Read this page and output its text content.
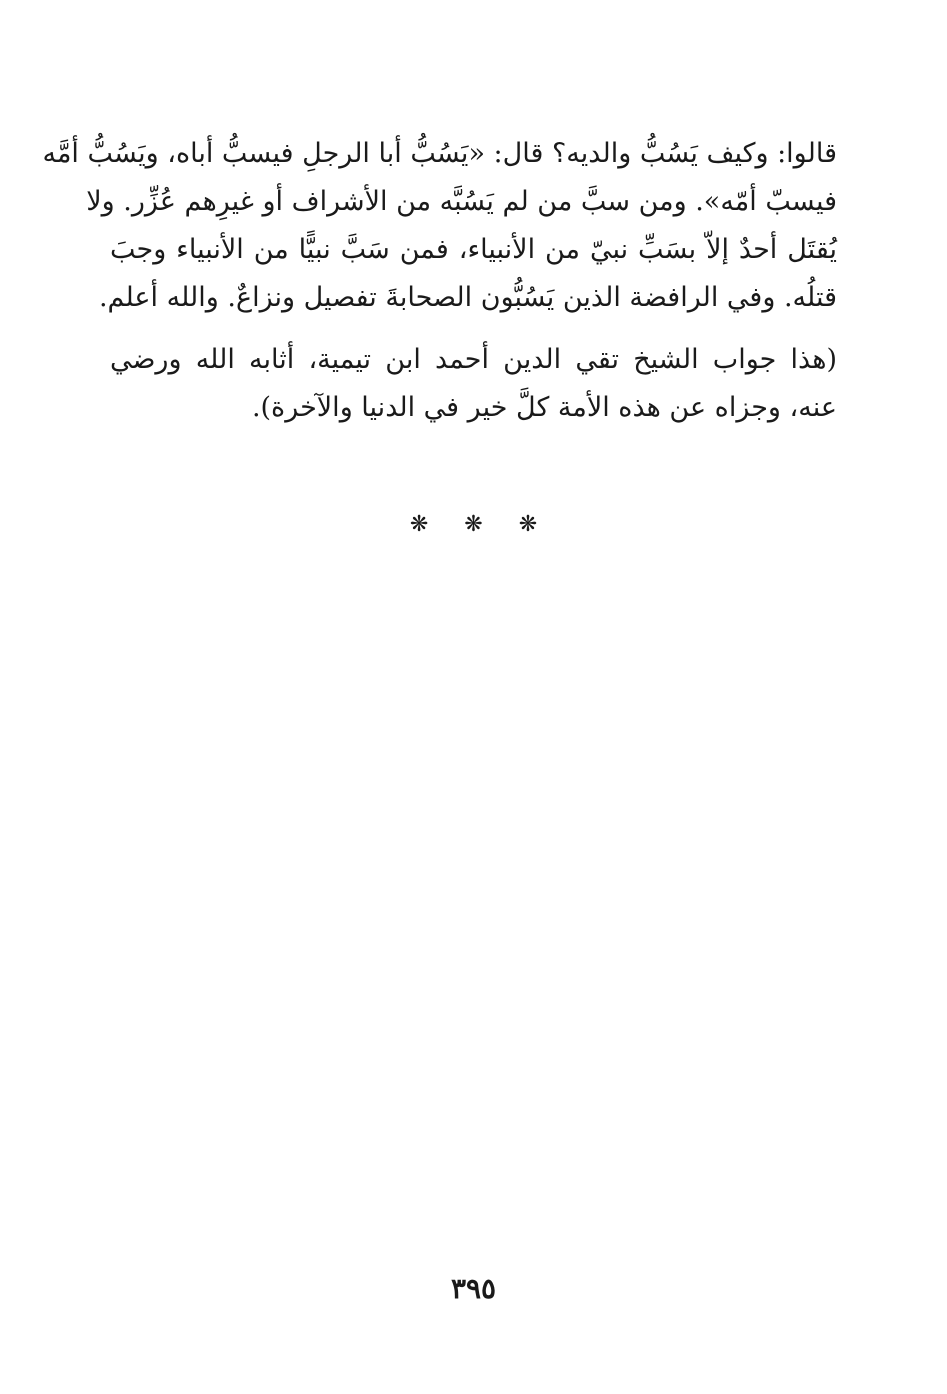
قالوا: وكيف يَسُبُّ والديه؟ قال: «يَسُبُّ أبا الرجلِ فيسبُّ أباه، ويَسُبُّ أمَّه
فيسبّ أمّه». ومن سبَّ من لم يَسُبَّه من الأشراف أو غيرِهم عُزِّر. ولا
يُقتَل أحدٌ إلاّ بسَبِّ نبيّ من الأنبياء، فمن سَبَّ نبيًّا من الأنبياء وجبَ
قتلُه. وفي الرافضة الذين يَسُبُّون الصحابةَ تفصيل ونزاعٌ. والله أعلم.
(هذا جواب الشيخ تقي الدين أحمد ابن تيمية، أثابه الله ورضي
عنه، وجزاه عن هذه الأمة كلَّ خير في الدنيا والآخرة).
❋❋❋
٣٩٥
